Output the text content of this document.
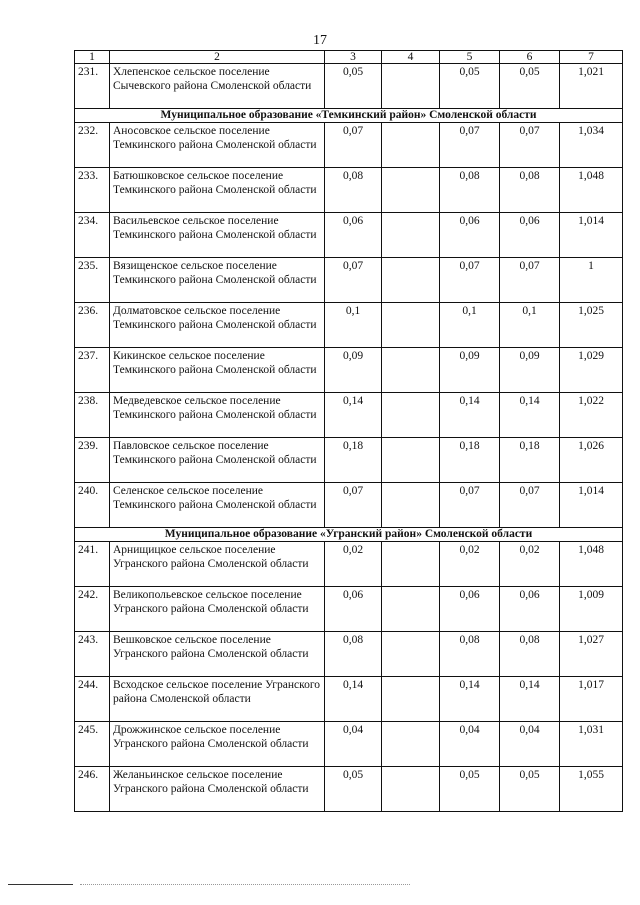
17
1	2	3	4	5	6	7
231.	Хлепенское сельское поселение Сычевского района Смоленской области	0,05		0,05	0,05	1,021
Муниципальное образование «Темкинский район» Смоленской области						
232.	Аносовское сельское поселение Темкинского района Смоленской области	0,07		0,07	0,07	1,034
233.	Батюшковское сельское поселение Темкинского района Смоленской области	0,08		0,08	0,08	1,048
234.	Васильевское сельское поселение Темкинского района Смоленской области	0,06		0,06	0,06	1,014
235.	Вязищенское сельское поселение Темкинского района Смоленской области	0,07		0,07	0,07	1
236.	Долматовское сельское поселение Темкинского района Смоленской области	0,1		0,1	0,1	1,025
237.	Кикинское сельское поселение Темкинского района Смоленской области	0,09		0,09	0,09	1,029
238.	Медведевское сельское поселение Темкинского района Смоленской области	0,14		0,14	0,14	1,022
239.	Павловское сельское поселение Темкинского района Смоленской области	0,18		0,18	0,18	1,026
240.	Селенское сельское поселение Темкинского района Смоленской области	0,07		0,07	0,07	1,014
Муниципальное образование «Угранский район» Смоленской области						
241.	Арнищицкое сельское поселение Угранского района Смоленской области	0,02		0,02	0,02	1,048
242.	Великопольевское сельское поселение Угранского района Смоленской области	0,06		0,06	0,06	1,009
243.	Вешковское сельское поселение Угранского района Смоленской области	0,08		0,08	0,08	1,027
244.	Всходское сельское поселение Угранского района Смоленской области	0,14		0,14	0,14	1,017
245.	Дрожжинское сельское поселение Угранского района Смоленской области	0,04		0,04	0,04	1,031
246.	Желаньинское сельское поселение Угранского района Смоленской области	0,05		0,05	0,05	1,055
